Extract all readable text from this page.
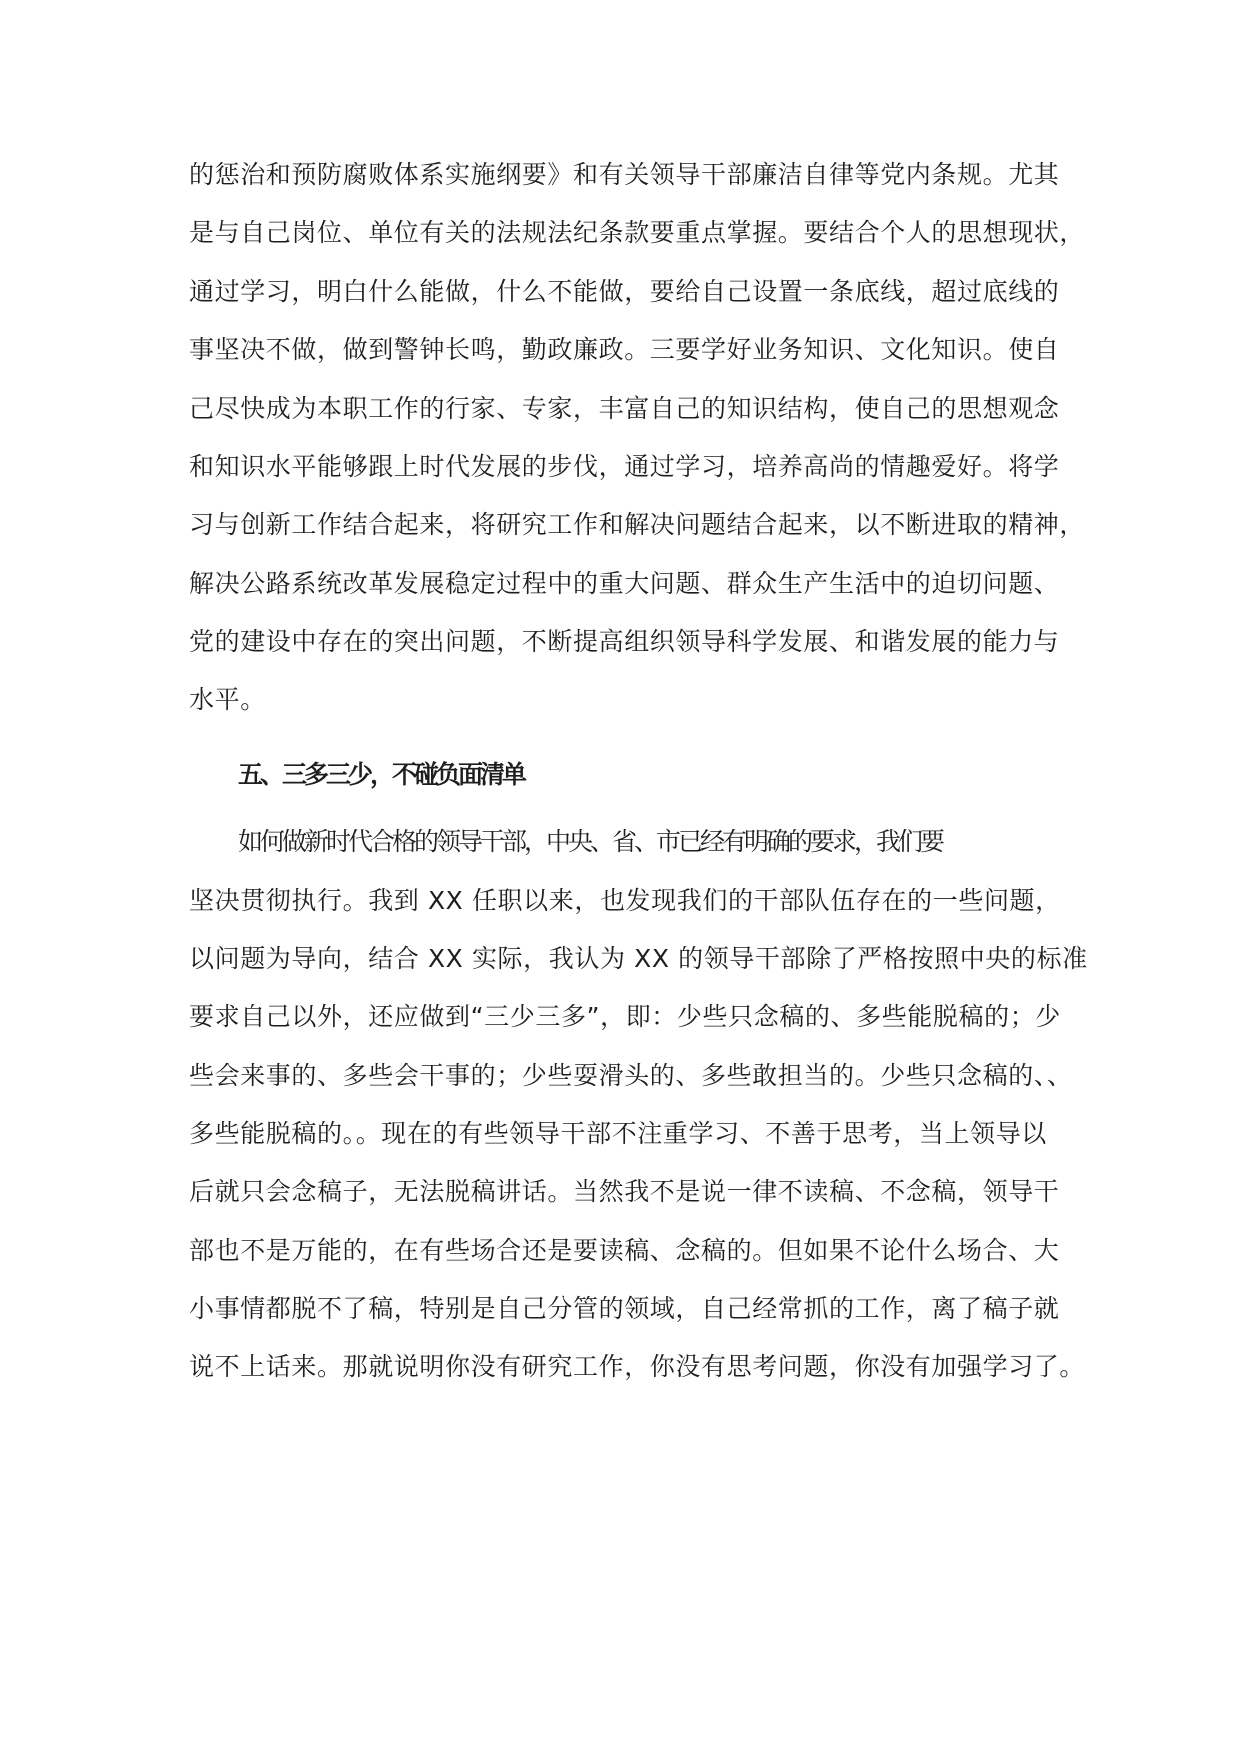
的惩治和预防腐败体系实施纲要》和有关领导干部廉洁自律等党内条规。尤其
是与自己岗位、单位有关的法规法纪条款要重点掌握。要结合个人的思想现状，
通过学习，明白什么能做，什么不能做，要给自己设置一条底线，超过底线的
事坚决不做，做到警钟长鸣，勤政廉政。三要学好业务知识、文化知识。使自
己尽快成为本职工作的行家、专家，丰富自己的知识结构，使自己的思想观念
和知识水平能够跟上时代发展的步伐，通过学习，培养高尚的情趣爱好。将学
习与创新工作结合起来，将研究工作和解决问题结合起来，以不断进取的精神，
解决公路系统改革发展稳定过程中的重大问题、群众生产生活中的迫切问题、
党的建设中存在的突出问题，不断提高组织领导科学发展、和谐发展的能力与
水平。
五、三多三少，不碰负面清单
如何做新时代合格的领导干部，中央、省、市已经有明确的要求，我们要
坚决贯彻执行。我到 XX 任职以来，也发现我们的干部队伍存在的一些问题，
以问题为导向，结合 XX 实际，我认为 XX 的领导干部除了严格按照中央的标准
要求自己以外，还应做到“三少三多”，即：少些只念稿的、多些能脱稿的；少
些会来事的、多些会干事的；少些耍滑头的、多些敢担当的。少些只念稿的、、
多些能脱稿的。。现在的有些领导干部不注重学习、不善于思考，当上领导以
后就只会念稿子，无法脱稿讲话。当然我不是说一律不读稿、不念稿，领导干
部也不是万能的，在有些场合还是要读稿、念稿的。但如果不论什么场合、大
小事情都脱不了稿，特别是自己分管的领域，自己经常抓的工作，离了稿子就
说不上话来。那就说明你没有研究工作，你没有思考问题，你没有加强学习了。
